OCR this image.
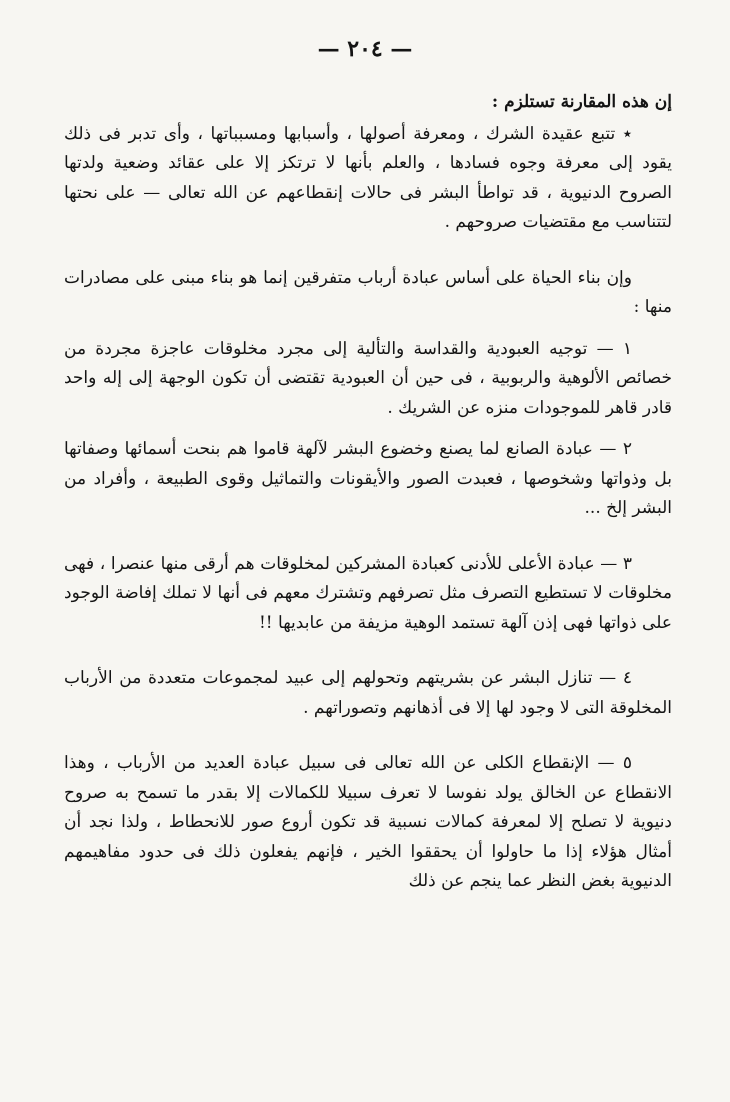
— ٢٠٤ —

إن هذه المقارنة تستلزم :

٭ تتبع عقيدة الشرك ، ومعرفة أصولها ، وأسبابها ومسبباتها ، وأى تدبر فى ذلك يقود إلى معرفة وجوه فسادها ، والعلم بأنها لا ترتكز إلا على عقائد وضعية ولدتها الصروح الدنيوية ، قد تواطأ البشر فى حالات إنقطاعهم عن الله تعالى — على نحتها لتتناسب مع مقتضيات صروحهم .

وإن بناء الحياة على أساس عبادة أرباب متفرقين إنما هو بناء مبنى على مصادرات منها :

١ — توجيه العبودية والقداسة والتألية إلى مجرد مخلوقات عاجزة مجردة من خصائص الألوهية والربوبية ، فى حين أن العبودية تقتضى أن تكون الوجهة إلى إله واحد قادر قاهر للموجودات منزه عن الشريك .

٢ — عبادة الصانع لما يصنع وخضوع البشر لآلهة قاموا هم بنحت أسمائها وصفاتها بل وذواتها وشخوصها ، فعبدت الصور والأيقونات والتماثيل وقوى الطبيعة ، وأفراد من البشر إلخ ...

٣ — عبادة الأعلى للأدنى كعبادة المشركين لمخلوقات هم أرقى منها عنصرا ، فهى مخلوقات لا تستطيع التصرف مثل تصرفهم وتشترك معهم فى أنها لا تملك إفاضة الوجود على ذواتها فهى إذن آلهة تستمد الوهية مزيفة من عابديها !!

٤ — تنازل البشر عن بشريتهم وتحولهم إلى عبيد لمجموعات متعددة من الأرباب المخلوقة التى لا وجود لها إلا فى أذهانهم وتصوراتهم .

٥ — الإنقطاع الكلى عن الله تعالى فى سبيل عبادة العديد من الأرباب ، وهذا الانقطاع عن الخالق يولد نفوسا لا تعرف سبيلا للكمالات إلا بقدر ما تسمح به صروح دنيوية لا تصلح إلا لمعرفة كمالات نسبية قد تكون أروع صور للانحطاط ، ولذا نجد أن أمثال هؤلاء إذا ما حاولوا أن يحققوا الخير ، فإنهم يفعلون ذلك فى حدود مفاهيمهم الدنيوية بغض النظر عما ينجم عن ذلك
